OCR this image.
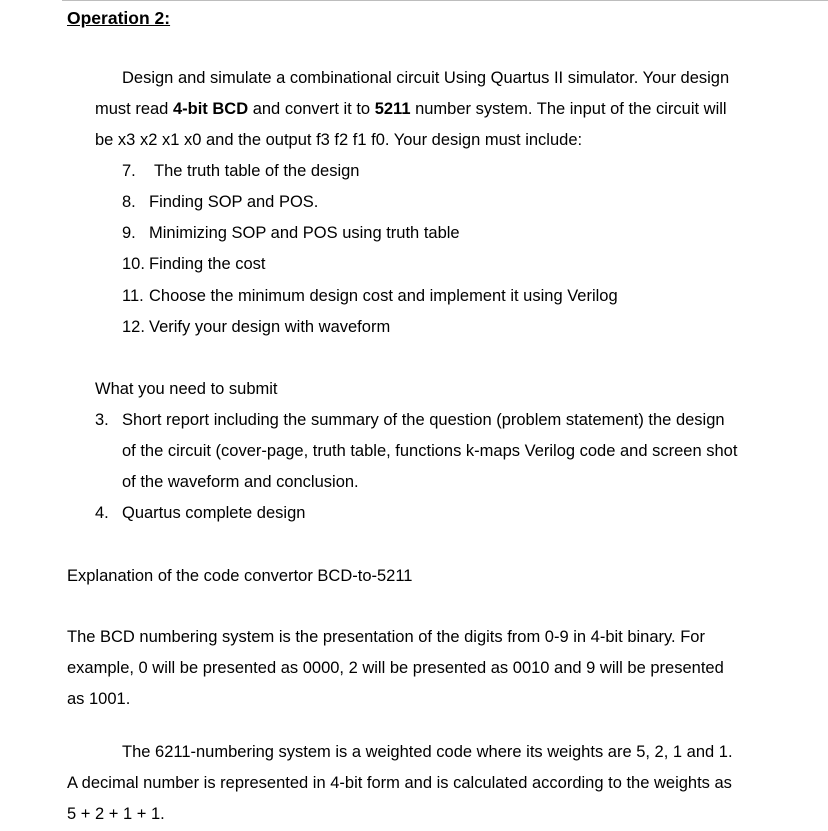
Operation 2:
Design and simulate a combinational circuit Using Quartus II simulator. Your design
must read 4-bit BCD and convert it to 5211 number system. The input of the circuit will
be x3 x2 x1 x0 and the output f3 f2 f1 f0. Your design must include:
7. The truth table of the design
8. Finding SOP and POS.
9. Minimizing SOP and POS using truth table
10. Finding the cost
11. Choose the minimum design cost and implement it using Verilog
12. Verify your design with waveform
What you need to submit
3. Short report including the summary of the question (problem statement) the design
of the circuit (cover-page, truth table, functions k-maps Verilog code and screen shot
of the waveform and conclusion.
4. Quartus complete design
Explanation of the code convertor BCD-to-5211
The BCD numbering system is the presentation of the digits from 0-9 in 4-bit binary. For
example, 0 will be presented as 0000, 2 will be presented as 0010 and 9 will be presented
as 1001.
The 6211-numbering system is a weighted code where its weights are 5, 2, 1 and 1.
A decimal number is represented in 4-bit form and is calculated according to the weights as
5 + 2 + 1 + 1.
